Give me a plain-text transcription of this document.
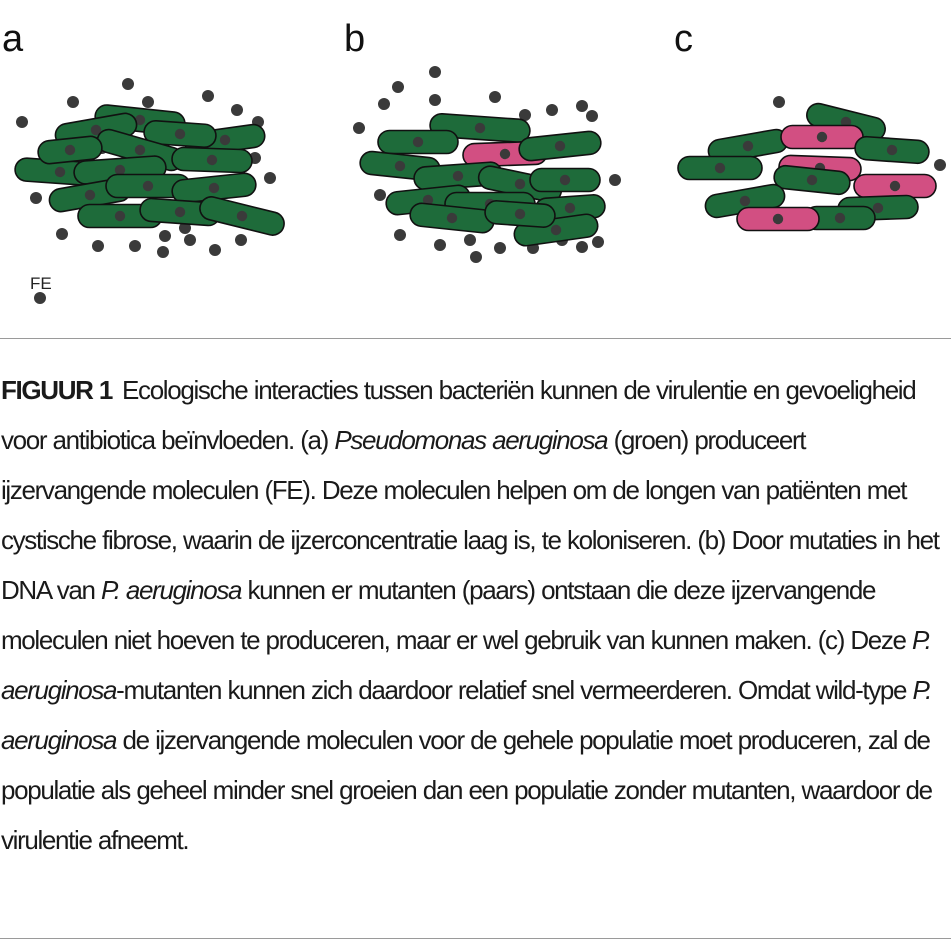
a	b	c
FE

FIGUUR 1 Ecologische interacties tussen bacteriën kunnen de virulentie en gevoeligheid voor antibiotica beïnvloeden. (a) Pseudomonas aeruginosa (groen) produceert ijzervangende moleculen (FE). Deze moleculen helpen om de longen van patiënten met cystische fibrose, waarin de ijzerconcentratie laag is, te koloniseren. (b) Door mutaties in het DNA van P. aeruginosa kunnen er mutanten (paars) ontstaan die deze ijzervangende moleculen niet hoeven te produceren, maar er wel gebruik van kunnen maken. (c) Deze P. aeruginosa-mutanten kunnen zich daardoor relatief snel vermeerderen. Omdat wild-type P. aeruginosa de ijzervangende moleculen voor de gehele populatie moet produceren, zal de populatie als geheel minder snel groeien dan een populatie zonder mutanten, waardoor de virulentie afneemt.
